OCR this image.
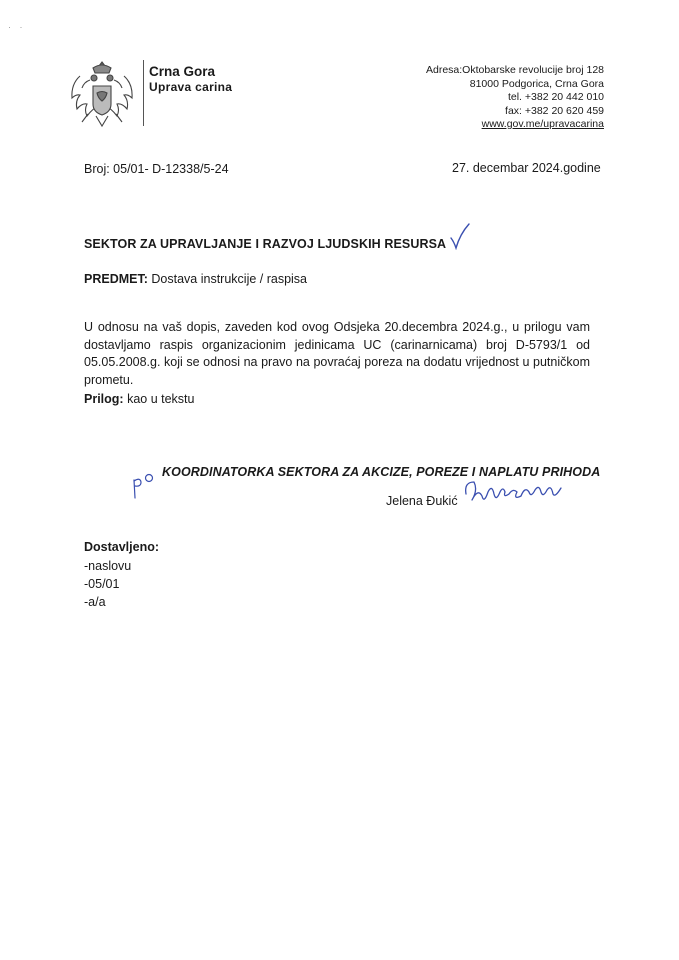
· ·
Crna Gora
Uprava carina
Adresa:Oktobarske revolucije broj 128
81000 Podgorica, Crna Gora
tel. +382 20 442 010
fax: +382 20 620 459
www.gov.me/upravacarina
Broj: 05/01- D-12338/5-24	27. decembar 2024.godine
SEKTOR ZA UPRAVLJANJE I RAZVOJ LJUDSKIH RESURSA
PREDMET: Dostava instrukcije / raspisa
U odnosu na vaš dopis, zaveden kod ovog Odsjeka 20.decembra 2024.g., u prilogu vam dostavljamo raspis organizacionim jedinicama UC (carinarnicama) broj D-5793/1 od 05.05.2008.g. koji se odnosi na pravo na povraćaj poreza na dodatu vrijednost u putničkom prometu.
Prilog: kao u tekstu
KOORDINATORKA SEKTORA ZA AKCIZE, POREZE I NAPLATU PRIHODA
Jelena Đukić
Dostavljeno:
-naslovu
-05/01
-a/a
